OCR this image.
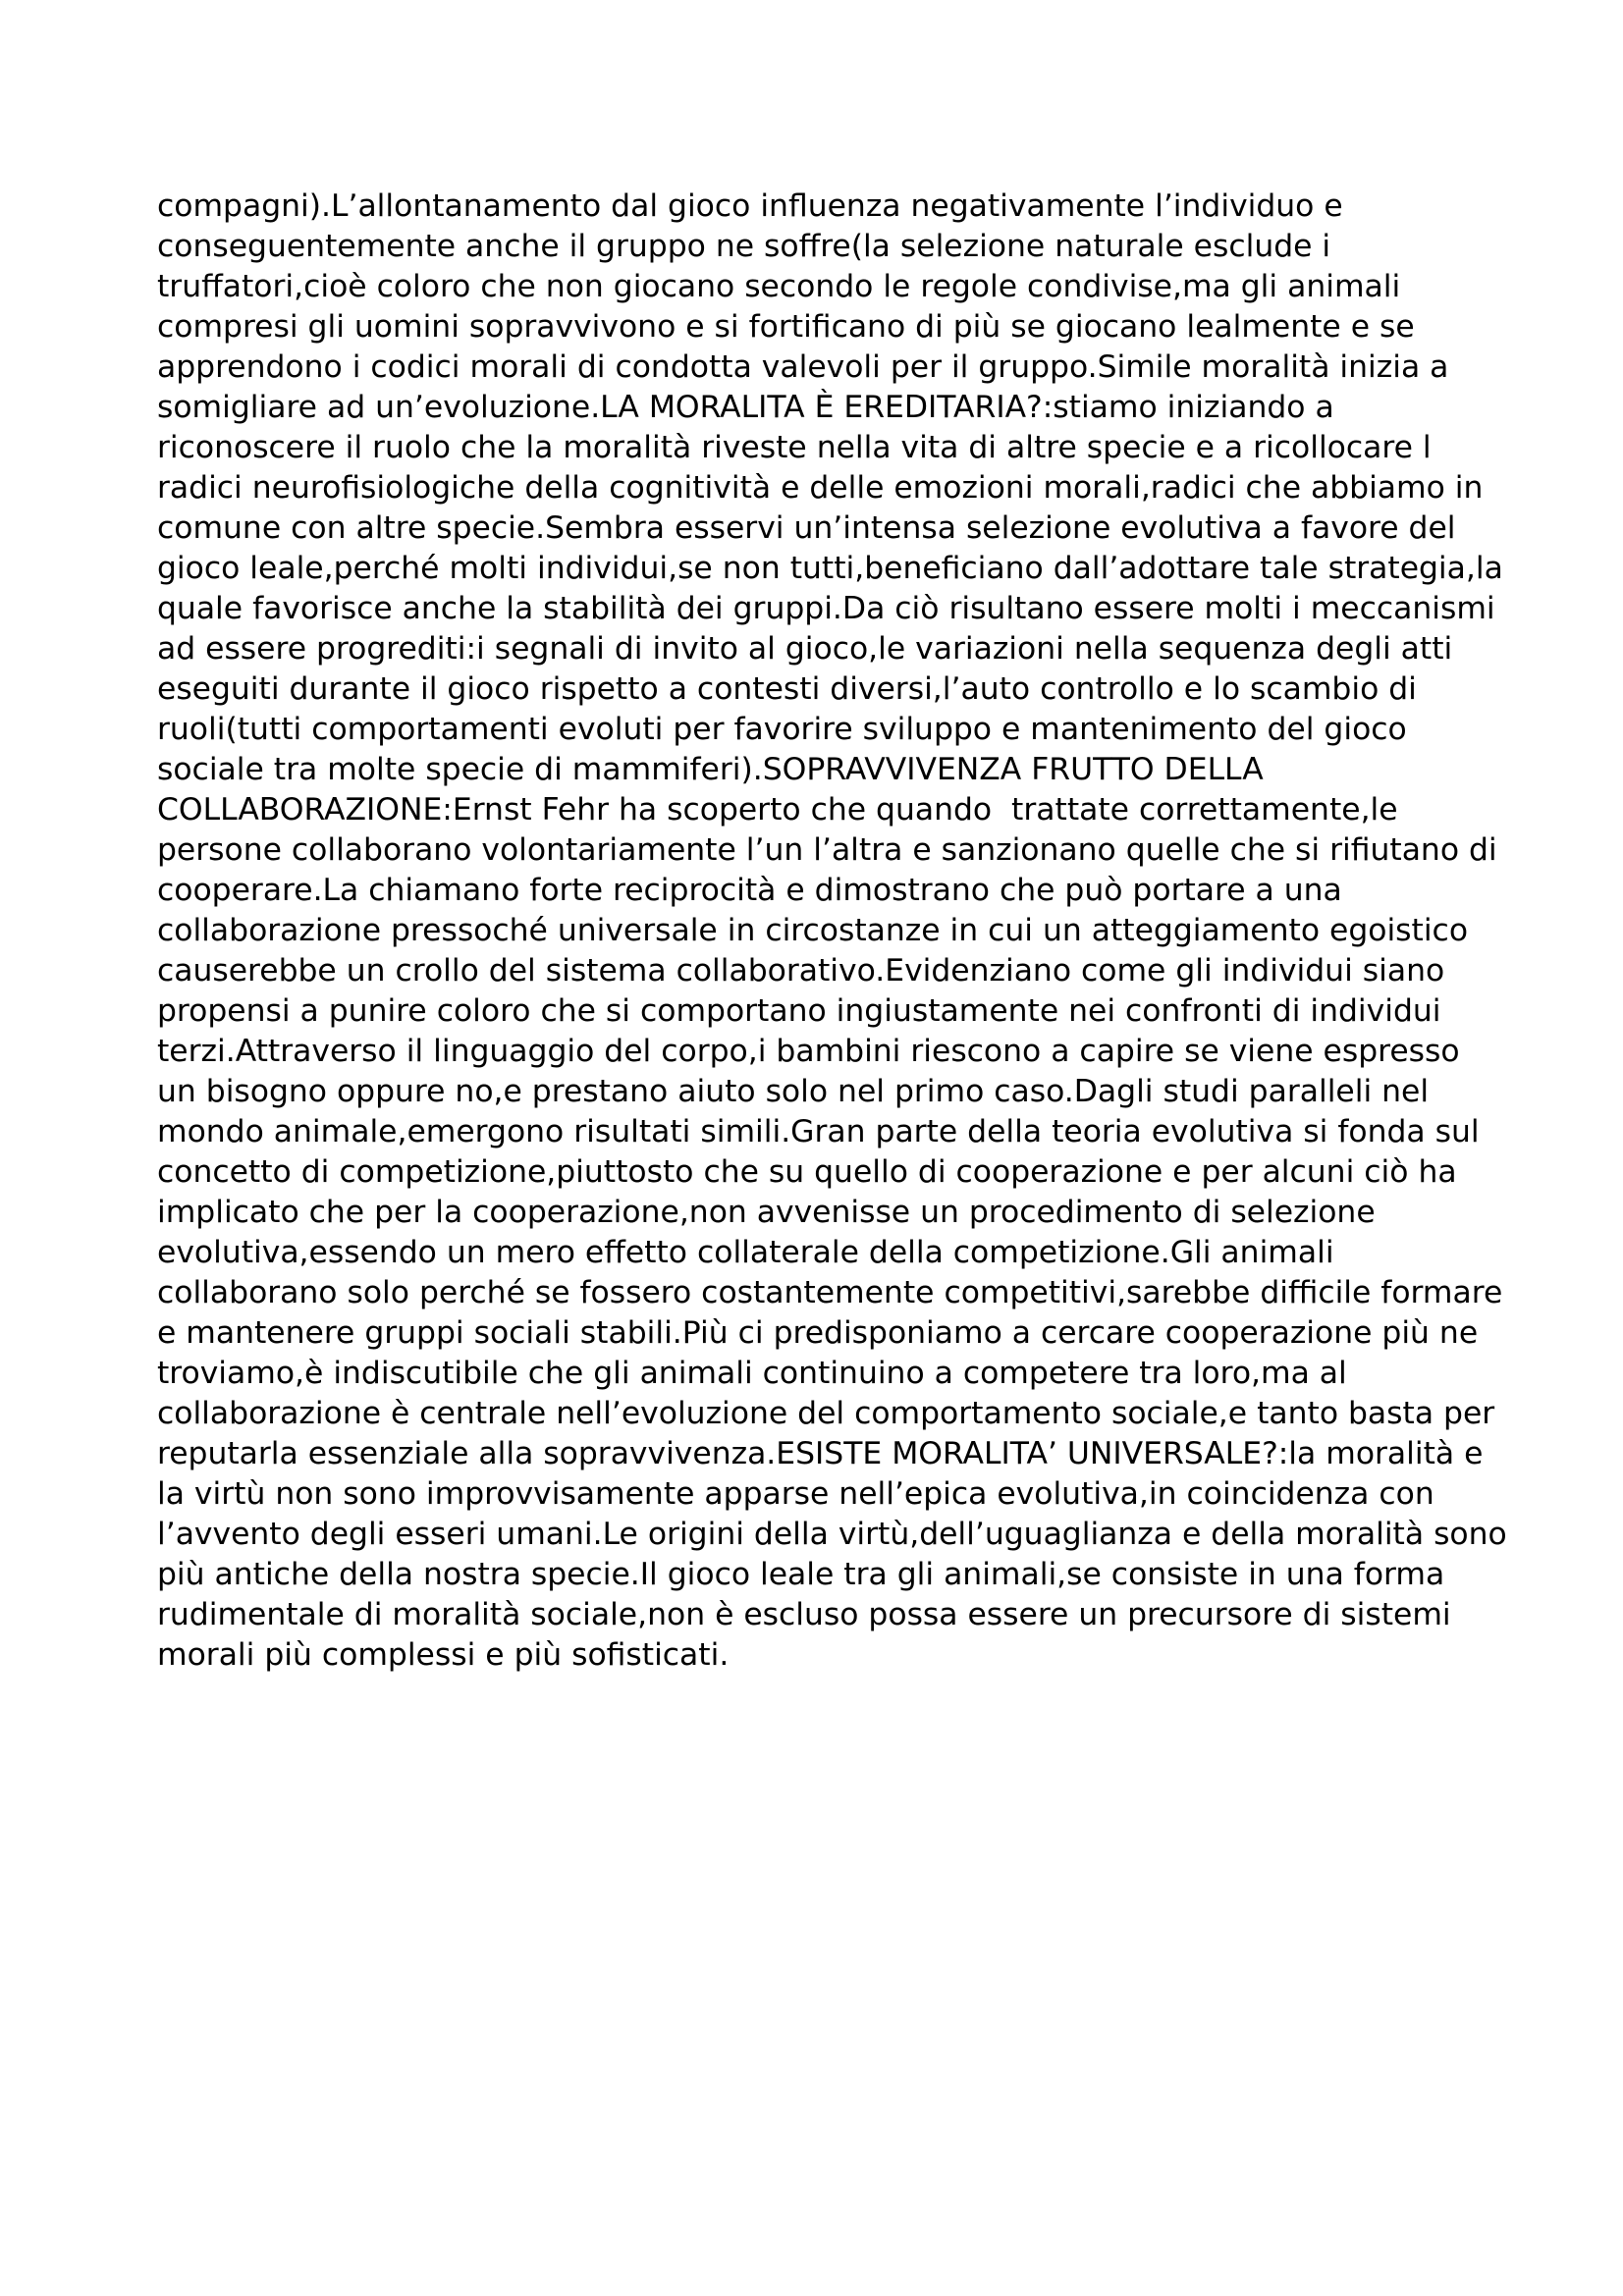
compagni).L’allontanamento dal gioco influenza negativamente l’individuo e
conseguentemente anche il gruppo ne soffre(la selezione naturale esclude i
truffatori,cioè coloro che non giocano secondo le regole condivise,ma gli animali
compresi gli uomini sopravvivono e si fortificano di più se giocano lealmente e se
apprendono i codici morali di condotta valevoli per il gruppo.Simile moralità inizia a
somigliare ad un’evoluzione.LA MORALITA È EREDITARIA?:stiamo iniziando a
riconoscere il ruolo che la moralità riveste nella vita di altre specie e a ricollocare l
radici neurofisiologiche della cognitività e delle emozioni morali,radici che abbiamo in
comune con altre specie.Sembra esservi un’intensa selezione evolutiva a favore del
gioco leale,perché molti individui,se non tutti,beneficiano dall’adottare tale strategia,la
quale favorisce anche la stabilità dei gruppi.Da ciò risultano essere molti i meccanismi
ad essere progrediti:i segnali di invito al gioco,le variazioni nella sequenza degli atti
eseguiti durante il gioco rispetto a contesti diversi,l’auto controllo e lo scambio di
ruoli(tutti comportamenti evoluti per favorire sviluppo e mantenimento del gioco
sociale tra molte specie di mammiferi).SOPRAVVIVENZA FRUTTO DELLA
COLLABORAZIONE:Ernst Fehr ha scoperto che quando  trattate correttamente,le
persone collaborano volontariamente l’un l’altra e sanzionano quelle che si rifiutano di
cooperare.La chiamano forte reciprocità e dimostrano che può portare a una
collaborazione pressoché universale in circostanze in cui un atteggiamento egoistico
causerebbe un crollo del sistema collaborativo.Evidenziano come gli individui siano
propensi a punire coloro che si comportano ingiustamente nei confronti di individui
terzi.Attraverso il linguaggio del corpo,i bambini riescono a capire se viene espresso
un bisogno oppure no,e prestano aiuto solo nel primo caso.Dagli studi paralleli nel
mondo animale,emergono risultati simili.Gran parte della teoria evolutiva si fonda sul
concetto di competizione,piuttosto che su quello di cooperazione e per alcuni ciò ha
implicato che per la cooperazione,non avvenisse un procedimento di selezione
evolutiva,essendo un mero effetto collaterale della competizione.Gli animali
collaborano solo perché se fossero costantemente competitivi,sarebbe difficile formare
e mantenere gruppi sociali stabili.Più ci predisponiamo a cercare cooperazione più ne
troviamo,è indiscutibile che gli animali continuino a competere tra loro,ma al
collaborazione è centrale nell’evoluzione del comportamento sociale,e tanto basta per
reputarla essenziale alla sopravvivenza.ESISTE MORALITA’ UNIVERSALE?:la moralità e
la virtù non sono improvvisamente apparse nell’epica evolutiva,in coincidenza con
l’avvento degli esseri umani.Le origini della virtù,dell’uguaglianza e della moralità sono
più antiche della nostra specie.Il gioco leale tra gli animali,se consiste in una forma
rudimentale di moralità sociale,non è escluso possa essere un precursore di sistemi
morali più complessi e più sofisticati.
